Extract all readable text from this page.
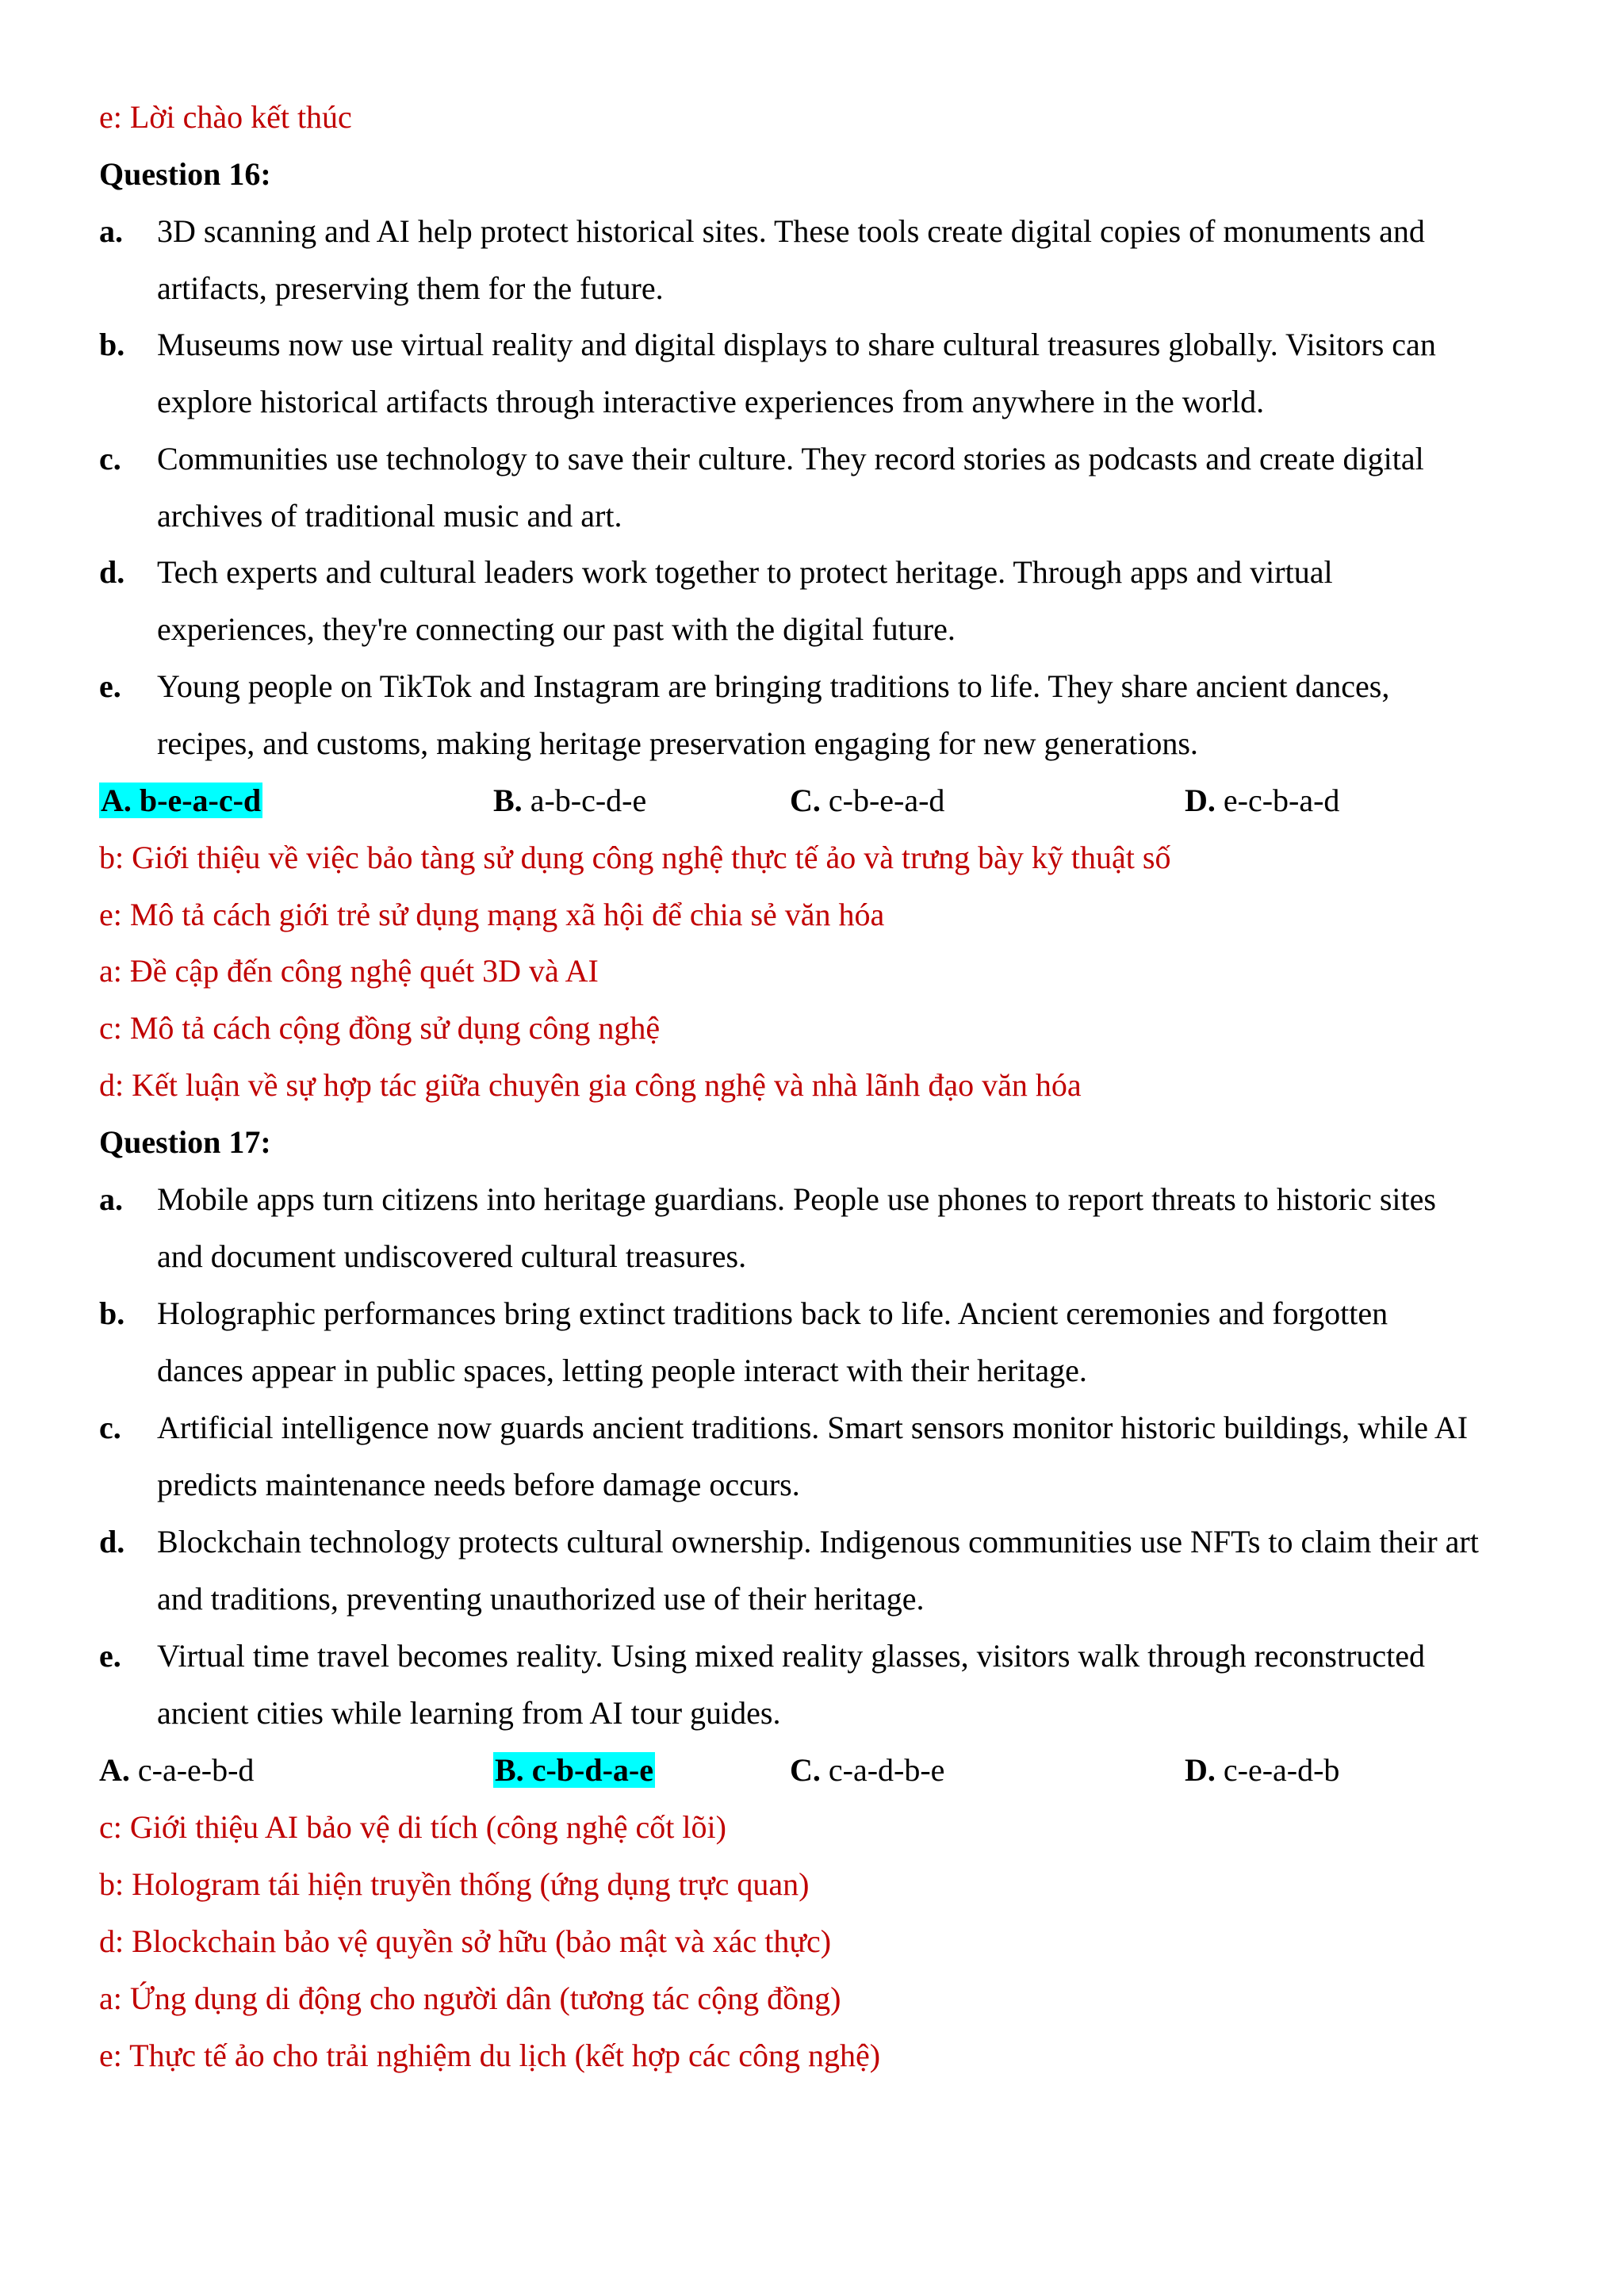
e: Lời chào kết thúc
Question 16:
a. 3D scanning and AI help protect historical sites. These tools create digital copies of monuments and
artifacts, preserving them for the future.
b. Museums now use virtual reality and digital displays to share cultural treasures globally. Visitors can
explore historical artifacts through interactive experiences from anywhere in the world.
c. Communities use technology to save their culture. They record stories as podcasts and create digital
archives of traditional music and art.
d. Tech experts and cultural leaders work together to protect heritage. Through apps and virtual
experiences, they're connecting our past with the digital future.
e. Young people on TikTok and Instagram are bringing traditions to life. They share ancient dances,
recipes, and customs, making heritage preservation engaging for new generations.
A. b-e-a-c-d	B. a-b-c-d-e	C. c-b-e-a-d	D. e-c-b-a-d
b: Giới thiệu về việc bảo tàng sử dụng công nghệ thực tế ảo và trưng bày kỹ thuật số
e: Mô tả cách giới trẻ sử dụng mạng xã hội để chia sẻ văn hóa
a: Đề cập đến công nghệ quét 3D và AI
c: Mô tả cách cộng đồng sử dụng công nghệ
d: Kết luận về sự hợp tác giữa chuyên gia công nghệ và nhà lãnh đạo văn hóa
Question 17:
a. Mobile apps turn citizens into heritage guardians. People use phones to report threats to historic sites
and document undiscovered cultural treasures.
b. Holographic performances bring extinct traditions back to life. Ancient ceremonies and forgotten
dances appear in public spaces, letting people interact with their heritage.
c. Artificial intelligence now guards ancient traditions. Smart sensors monitor historic buildings, while AI
predicts maintenance needs before damage occurs.
d. Blockchain technology protects cultural ownership. Indigenous communities use NFTs to claim their art
and traditions, preventing unauthorized use of their heritage.
e. Virtual time travel becomes reality. Using mixed reality glasses, visitors walk through reconstructed
ancient cities while learning from AI tour guides.
A. c-a-e-b-d	B. c-b-d-a-e	C. c-a-d-b-e	D. c-e-a-d-b
c: Giới thiệu AI bảo vệ di tích (công nghệ cốt lõi)
b: Hologram tái hiện truyền thống (ứng dụng trực quan)
d: Blockchain bảo vệ quyền sở hữu (bảo mật và xác thực)
a: Ứng dụng di động cho người dân (tương tác cộng đồng)
e: Thực tế ảo cho trải nghiệm du lịch (kết hợp các công nghệ)
